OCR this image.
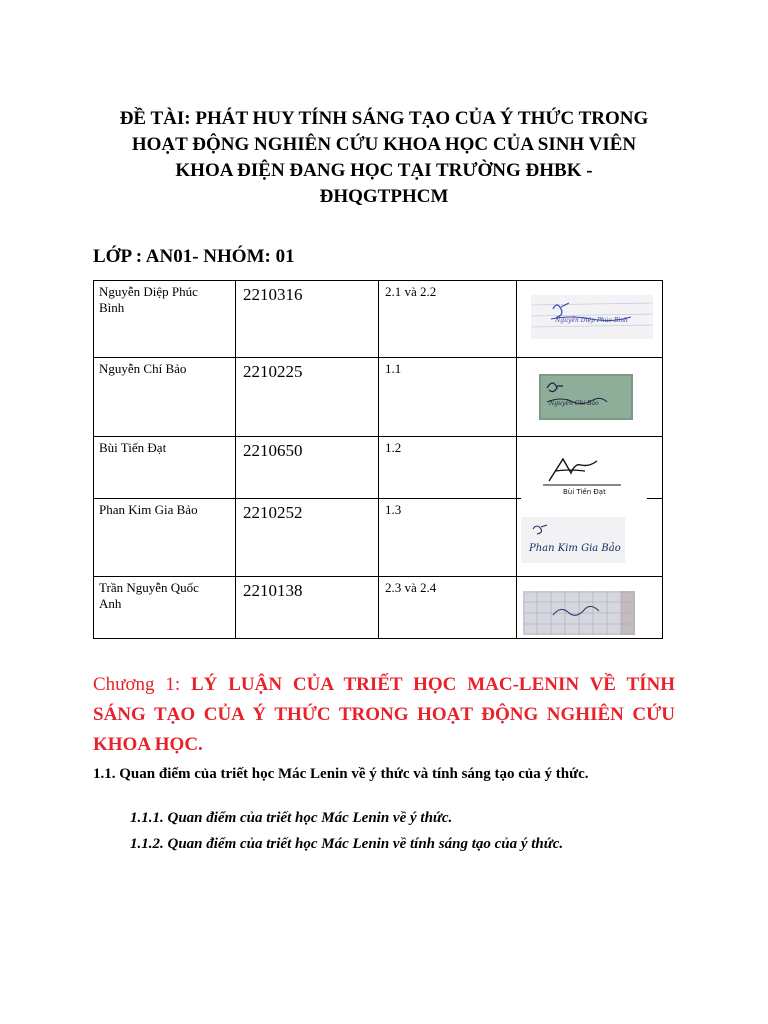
ĐỀ TÀI: PHÁT HUY TÍNH SÁNG TẠO CỦA Ý THỨC TRONG
HOẠT ĐỘNG NGHIÊN CỨU KHOA HỌC CỦA SINH VIÊN
KHOA ĐIỆN ĐANG HỌC TẠI TRƯỜNG ĐHBK -
ĐHQGTPHCM

LỚP : AN01- NHÓM: 01

Nguyễn Diệp Phúc
Bình	2210316	2.1 và 2.2	Nguyễn Diệp Phúc Bình

Nguyễn Chí Bảo	2210225	1.1	Nguyễn Chí Bảo

Bùi Tiến Đạt	2210650	1.2	Bùi Tiến Đạt

Phan Kim Gia Bảo	2210252	1.3	Phan Kim Gia Bảo

Trần Nguyễn Quốc
Anh	2210138	2.3 và 2.4

Chương 1: LÝ LUẬN CỦA TRIẾT HỌC MAC-LENIN VỀ TÍNH SÁNG TẠO CỦA Ý THỨC TRONG HOẠT ĐỘNG NGHIÊN CỨU KHOA HỌC.

1.1. Quan điểm của triết học Mác Lenin về ý thức và tính sáng tạo của ý thức.

1.1.1. Quan điểm của triết học Mác Lenin về ý thức.

1.1.2. Quan điểm của triết học Mác Lenin về tính sáng tạo của ý thức.
